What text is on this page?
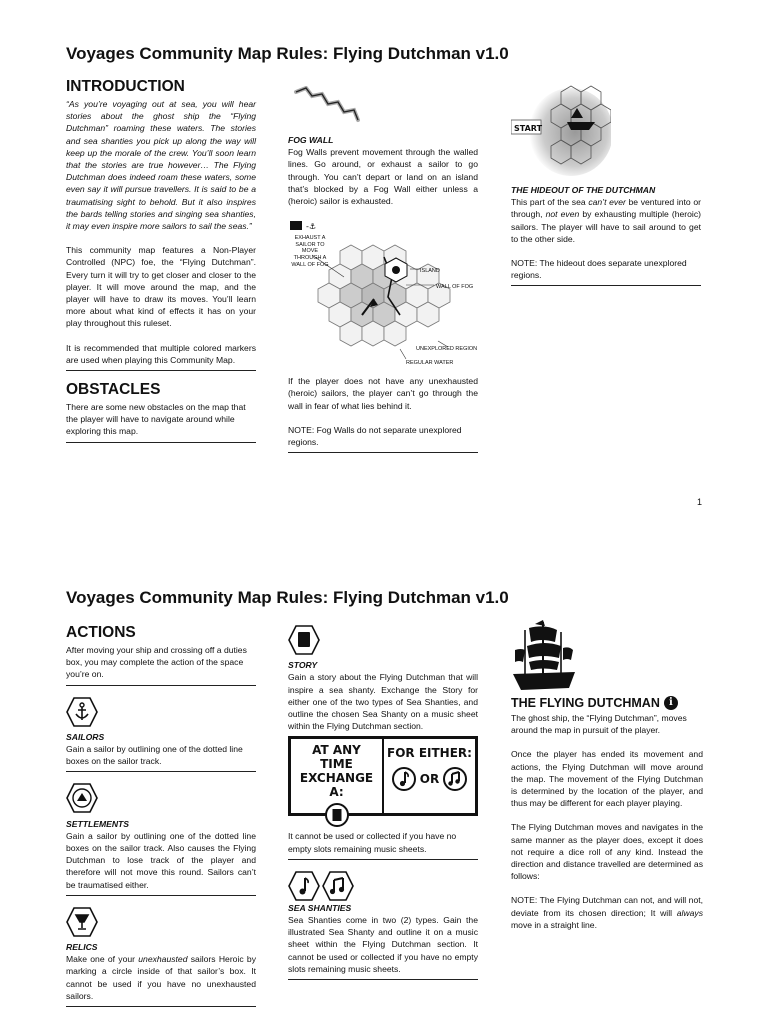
Voyages Community Map Rules: Flying Dutchman v1.0
INTRODUCTION

“As you’re voyaging out at sea, you will hear stories about the ghost ship the “Flying Dutchman” roaming these waters. The stories and sea shanties you pick up along the way will keep up the morale of the crew. You’ll soon learn that the stories are true however… The Flying Dutchman does indeed roam these waters, some even say it will pursue travellers. It is said to be a traumatising sight to behold. But it also inspires the bards telling stories and singing sea shanties, it may even inspire more sailors to sail the seas.”

This community map features a Non-Player Controlled (NPC) foe, the “Flying Dutchman”. Every turn it will try to get closer and closer to the player. It will move around the map, and the player will have to draw its moves. You’ll learn more about what kind of effects it has on your play throughout this ruleset.

It is recommended that multiple colored markers are used when playing this Community Map.

OBSTACLES

There are some new obstacles on the map that the player will have to navigate around while exploring this map.

FOG WALL

Fog Walls prevent movement through the walled lines. Go around, or exhaust a sailor to go through. You can’t depart or land on an island that’s blocked by a Fog Wall either unless a (heroic) sailor is exhausted.

-⚓
EXHAUST A SAILOR TO MOVE THROUGH A WALL OF FOG
ISLAND
WALL OF FOG
UNEXPLORED REGION
REGULAR WATER

If the player does not have any unexhausted (heroic) sailors, the player can’t go through the wall in fear of what lies behind it.

NOTE: Fog Walls do not separate unexplored regions.

START
THE HIDEOUT OF THE DUTCHMAN

This part of the sea can’t ever be ventured into or through, not even by exhausting multiple (heroic) sailors. The player will have to sail around to get to the other side.

NOTE: The hideout does separate unexplored regions.

1
Voyages Community Map Rules: Flying Dutchman v1.0
ACTIONS

After moving your ship and crossing off a duties box, you may complete the action of the space you’re on.

SAILORS

Gain a sailor by outlining one of the dotted line boxes on the sailor track.

SETTLEMENTS

Gain a sailor by outlining one of the dotted line boxes on the sailor track. Also causes the Flying Dutchman to lose track of the player and therefore will not move this round. Sailors can’t be traumatised either.

RELICS

Make one of your unexhausted sailors Heroic by marking a circle inside of that sailor’s box. It cannot be used if you have no unexhausted sailors.

STORY

Gain a story about the Flying Dutchman that will inspire a sea shanty. Exchange the Story for either one of the two types of Sea Shanties, and outline the chosen Sea Shanty on a music sheet within the Flying Dutchman section.

AT ANY TIME EXCHANGE A:
FOR EITHER:
OR

It cannot be used or collected if you have no empty slots remaining music sheets.

SEA SHANTIES

Sea Shanties come in two (2) types. Gain the illustrated Sea Shanty and outline it on a music sheet within the Flying Dutchman section. It cannot be used or collected if you have no empty slots remaining music sheets.

THE FLYING DUTCHMAN i

The ghost ship, the “Flying Dutchman”, moves around the map in pursuit of the player.

Once the player has ended its movement and actions, the Flying Dutchman will move around the map. The movement of the Flying Dutchman is determined by the location of the player, and thus may be different for each player playing.

The Flying Dutchman moves and navigates in the same manner as the player does, except it does not require a dice roll of any kind. Instead the direction and distance travelled are determined as follows:

NOTE: The Flying Dutchman can not, and will not, deviate from its chosen direction; It will always move in a straight line.
